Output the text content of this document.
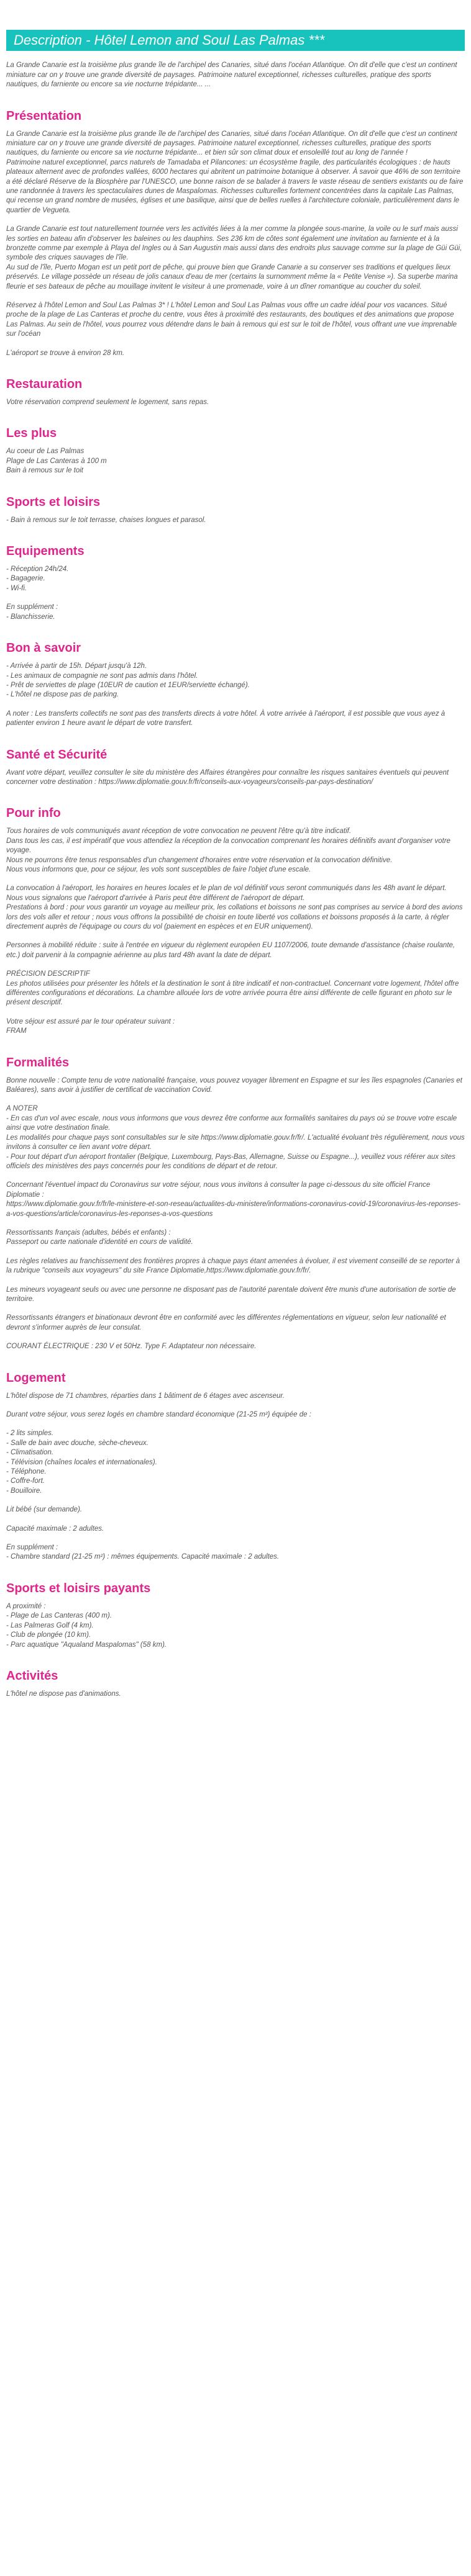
Description - Hôtel Lemon and Soul Las Palmas ***
La Grande Canarie est la troisième plus grande île de l'archipel des Canaries, situé dans l'océan Atlantique. On dit d'elle que c'est un continent miniature car on y trouve une grande diversité de paysages. Patrimoine naturel exceptionnel, richesses culturelles, pratique des sports nautiques, du farniente ou encore sa vie nocturne trépidante... ...
Présentation

La Grande Canarie est la troisième plus grande île de l'archipel des Canaries, situé dans l'océan Atlantique. On dit d'elle que c'est un continent miniature car on y trouve une grande diversité de paysages. Patrimoine naturel exceptionnel, richesses culturelles, pratique des sports nautiques, du farniente ou encore sa vie nocturne trépidante... et bien sûr son climat doux et ensoleillé tout au long de l'année !
Patrimoine naturel exceptionnel, parcs naturels de Tamadaba et Pilancones: un écosystème fragile, des particularités écologiques : de hauts plateaux alternent avec de profondes vallées, 6000 hectares qui abritent un patrimoine botanique à observer. À savoir que 46% de son territoire a été déclaré Réserve de la Biosphère par l'UNESCO, une bonne raison de se balader à travers le vaste réseau de sentiers existants ou de faire une randonnée à travers les spectaculaires dunes de Maspalomas. Richesses culturelles fortement concentrées dans la capitale Las Palmas, qui recense un grand nombre de musées, églises et une basilique, ainsi que de belles ruelles à l'architecture coloniale, particulièrement dans le quartier de Vegueta.

La Grande Canarie est tout naturellement tournée vers les activités liées à la mer comme la plongée sous-marine, la voile ou le surf mais aussi les sorties en bateau afin d'observer les baleines ou les dauphins. Ses 236 km de côtes sont également une invitation au farniente et à la bronzette comme par exemple à Playa del Ingles ou à San Augustin mais aussi dans des endroits plus sauvage comme sur la plage de Güi Güi, symbole des criques sauvages de l'île.
Au sud de l'île, Puerto Mogan est un petit port de pêche, qui prouve bien que Grande Canarie a su conserver ses traditions et quelques lieux préservés. Le village possède un réseau de jolis canaux d'eau de mer (certains la surnomment même la « Petite Venise »). Sa superbe marina fleurie et ses bateaux de pêche au mouillage invitent le visiteur à une promenade, voire à un dîner romantique au coucher du soleil.

Réservez à l'hôtel Lemon and Soul Las Palmas 3* ! L'hôtel Lemon and Soul Las Palmas vous offre un cadre idéal pour vos vacances. Situé proche de la plage de Las Canteras et proche du centre, vous êtes à proximité des restaurants, des boutiques et des animations que propose Las Palmas. Au sein de l'hôtel, vous pourrez vous détendre dans le bain à remous qui est sur le toit de l'hôtel, vous offrant une vue imprenable sur l'océan

L'aéroport se trouve à environ 28 km.

Restauration

Votre réservation comprend seulement le logement, sans repas.

Les plus

Au coeur de Las Palmas
Plage de Las Canteras à 100 m
Bain à remous sur le toit

Sports et loisirs

- Bain à remous sur le toit terrasse, chaises longues et parasol.

Equipements

- Réception 24h/24.
- Bagagerie.
- Wi-fi.

En supplément :
- Blanchisserie.

Bon à savoir

- Arrivée à partir de 15h. Départ jusqu'à 12h.
- Les animaux de compagnie ne sont pas admis dans l'hôtel.
- Prêt de serviettes de plage (10EUR de caution et 1EUR/serviette échangé).
- L'hôtel ne dispose pas de parking.

A noter : Les transferts collectifs ne sont pas des transferts directs à votre hôtel. À votre arrivée à l'aéroport, il est possible que vous ayez à patienter environ 1 heure avant le départ de votre transfert.

Santé et Sécurité

Avant votre départ, veuillez consulter le site du ministère des Affaires étrangères pour connaître les risques sanitaires éventuels qui peuvent concerner votre destination : https://www.diplomatie.gouv.fr/fr/conseils-aux-voyageurs/conseils-par-pays-destination/

Pour info

Tous horaires de vols communiqués avant réception de votre convocation ne peuvent l'être qu'à titre indicatif.
Dans tous les cas, il est impératif que vous attendiez la réception de la convocation comprenant les horaires définitifs avant d'organiser votre voyage.
Nous ne pourrons être tenus responsables d'un changement d'horaires entre votre réservation et la convocation définitive.
Nous vous informons que, pour ce séjour, les vols sont susceptibles de faire l'objet d'une escale.

La convocation à l'aéroport, les horaires en heures locales et le plan de vol définitif vous seront communiqués dans les 48h avant le départ.
Nous vous signalons que l'aéroport d'arrivée à Paris peut être différent de l'aéroport de départ.
Prestations à bord : pour vous garantir un voyage au meilleur prix, les collations et boissons ne sont pas comprises au service à bord des avions lors des vols aller et retour ; nous vous offrons la possibilité de choisir en toute liberté vos collations et boissons proposés à la carte, à régler directement auprès de l'équipage ou cours du vol (paiement en espèces et en EUR uniquement).

Personnes à mobilité réduite : suite à l'entrée en vigueur du règlement européen EU 1107/2006, toute demande d'assistance (chaise roulante, etc.) doit parvenir à la compagnie aérienne au plus tard 48h avant la date de départ.

PRÉCISION DESCRIPTIF
Les photos utilisées pour présenter les hôtels et la destination le sont à titre indicatif et non-contractuel. Concernant votre logement, l'hôtel offre différentes configurations et décorations. La chambre allouée lors de votre arrivée pourra être ainsi différente de celle figurant en photo sur le présent descriptif.

Votre séjour est assuré par le tour opérateur suivant :
FRAM

Formalités

Bonne nouvelle : Compte tenu de votre nationalité française, vous pouvez voyager librement en Espagne et sur les îles espagnoles (Canaries et Baléares), sans avoir à justifier de certificat de vaccination Covid.

A NOTER
- En cas d'un vol avec escale, nous vous informons que vous devrez être conforme aux formalités sanitaires du pays où se trouve votre escale ainsi que votre destination finale.
Les modalités pour chaque pays sont consultables sur le site https://www.diplomatie.gouv.fr/fr/. L'actualité évoluant très régulièrement, nous vous invitons à consulter ce lien avant votre départ.
- Pour tout départ d'un aéroport frontalier (Belgique, Luxembourg, Pays-Bas, Allemagne, Suisse ou Espagne...), veuillez vous référer aux sites officiels des ministères des pays concernés pour les conditions de départ et de retour.

Concernant l'éventuel impact du Coronavirus sur votre séjour, nous vous invitons à consulter la page ci-dessous du site officiel France Diplomatie :
https://www.diplomatie.gouv.fr/fr/le-ministere-et-son-reseau/actualites-du-ministere/informations-coronavirus-covid-19/coronavirus-les-reponses-a-vos-questions/article/coronavirus-les-reponses-a-vos-questions

Ressortissants français (adultes, bébés et enfants) :
Passeport ou carte nationale d'identité en cours de validité.

Les règles relatives au franchissement des frontières propres à chaque pays étant amenées à évoluer, il est vivement conseillé de se reporter à la rubrique "conseils aux voyageurs" du site France Diplomatie,https://www.diplomatie.gouv.fr/fr/.

Les mineurs voyageant seuls ou avec une personne ne disposant pas de l'autorité parentale doivent être munis d'une autorisation de sortie de territoire.

Ressortissants étrangers et binationaux devront être en conformité avec les différentes réglementations en vigueur, selon leur nationalité et devront s'informer auprès de leur consulat.

COURANT ÉLECTRIQUE : 230 V et 50Hz. Type F. Adaptateur non nécessaire.

Logement

L'hôtel dispose de 71 chambres, réparties dans 1 bâtiment de 6 étages avec ascenseur.

Durant votre séjour, vous serez logés en chambre standard économique (21-25 m²) équipée de :

- 2 lits simples.
- Salle de bain avec douche, sèche-cheveux.
- Climatisation.
- Télévision (chaînes locales et internationales).
- Téléphone.
- Coffre-fort.
- Bouilloire.

Lit bébé (sur demande).

Capacité maximale : 2 adultes.

En supplément :
- Chambre standard (21-25 m²) : mêmes équipements. Capacité maximale : 2 adultes.

Sports et loisirs payants

A proximité :
- Plage de Las Canteras (400 m).
- Las Palmeras Golf (4 km).
- Club de plongée (10 km).
- Parc aquatique "Aqualand Maspalomas" (58 km).

Activités

L'hôtel ne dispose pas d'animations.
